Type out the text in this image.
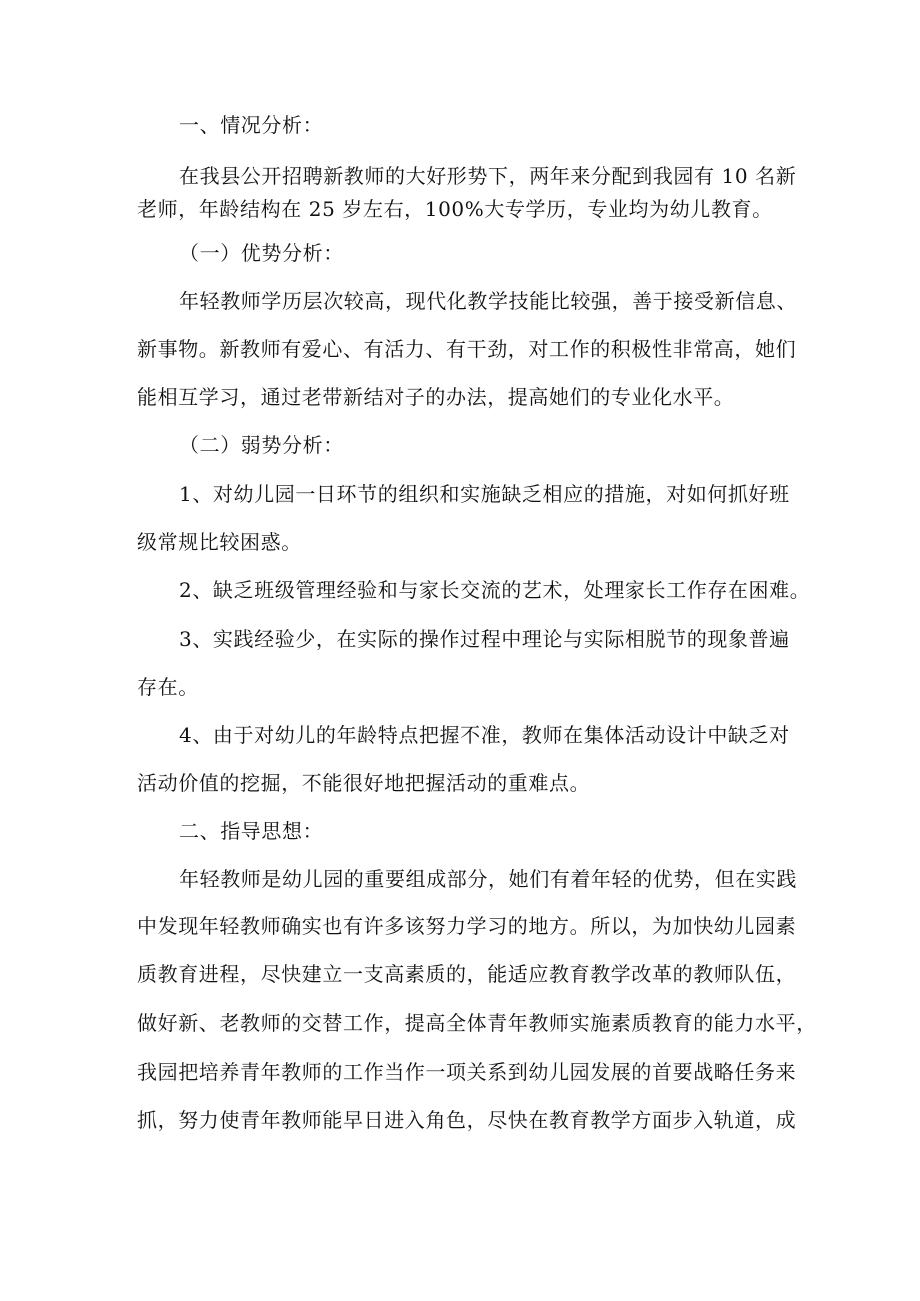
一、情况分析：
在我县公开招聘新教师的大好形势下，两年来分配到我园有 10 名新
老师，年龄结构在 25 岁左右，100%大专学历，专业均为幼儿教育。
（一）优势分析：
年轻教师学历层次较高，现代化教学技能比较强，善于接受新信息、
新事物。新教师有爱心、有活力、有干劲，对工作的积极性非常高，她们
能相互学习，通过老带新结对子的办法，提高她们的专业化水平。
（二）弱势分析：
1、对幼儿园一日环节的组织和实施缺乏相应的措施，对如何抓好班
级常规比较困惑。
2、缺乏班级管理经验和与家长交流的艺术，处理家长工作存在困难。
3、实践经验少，在实际的操作过程中理论与实际相脱节的现象普遍
存在。
4、由于对幼儿的年龄特点把握不准，教师在集体活动设计中缺乏对
活动价值的挖掘，不能很好地把握活动的重难点。
二、指导思想：
年轻教师是幼儿园的重要组成部分，她们有着年轻的优势，但在实践
中发现年轻教师确实也有许多该努力学习的地方。所以，为加快幼儿园素
质教育进程，尽快建立一支高素质的，能适应教育教学改革的教师队伍，
做好新、老教师的交替工作，提高全体青年教师实施素质教育的能力水平，
我园把培养青年教师的工作当作一项关系到幼儿园发展的首要战略任务来
抓，努力使青年教师能早日进入角色，尽快在教育教学方面步入轨道，成
